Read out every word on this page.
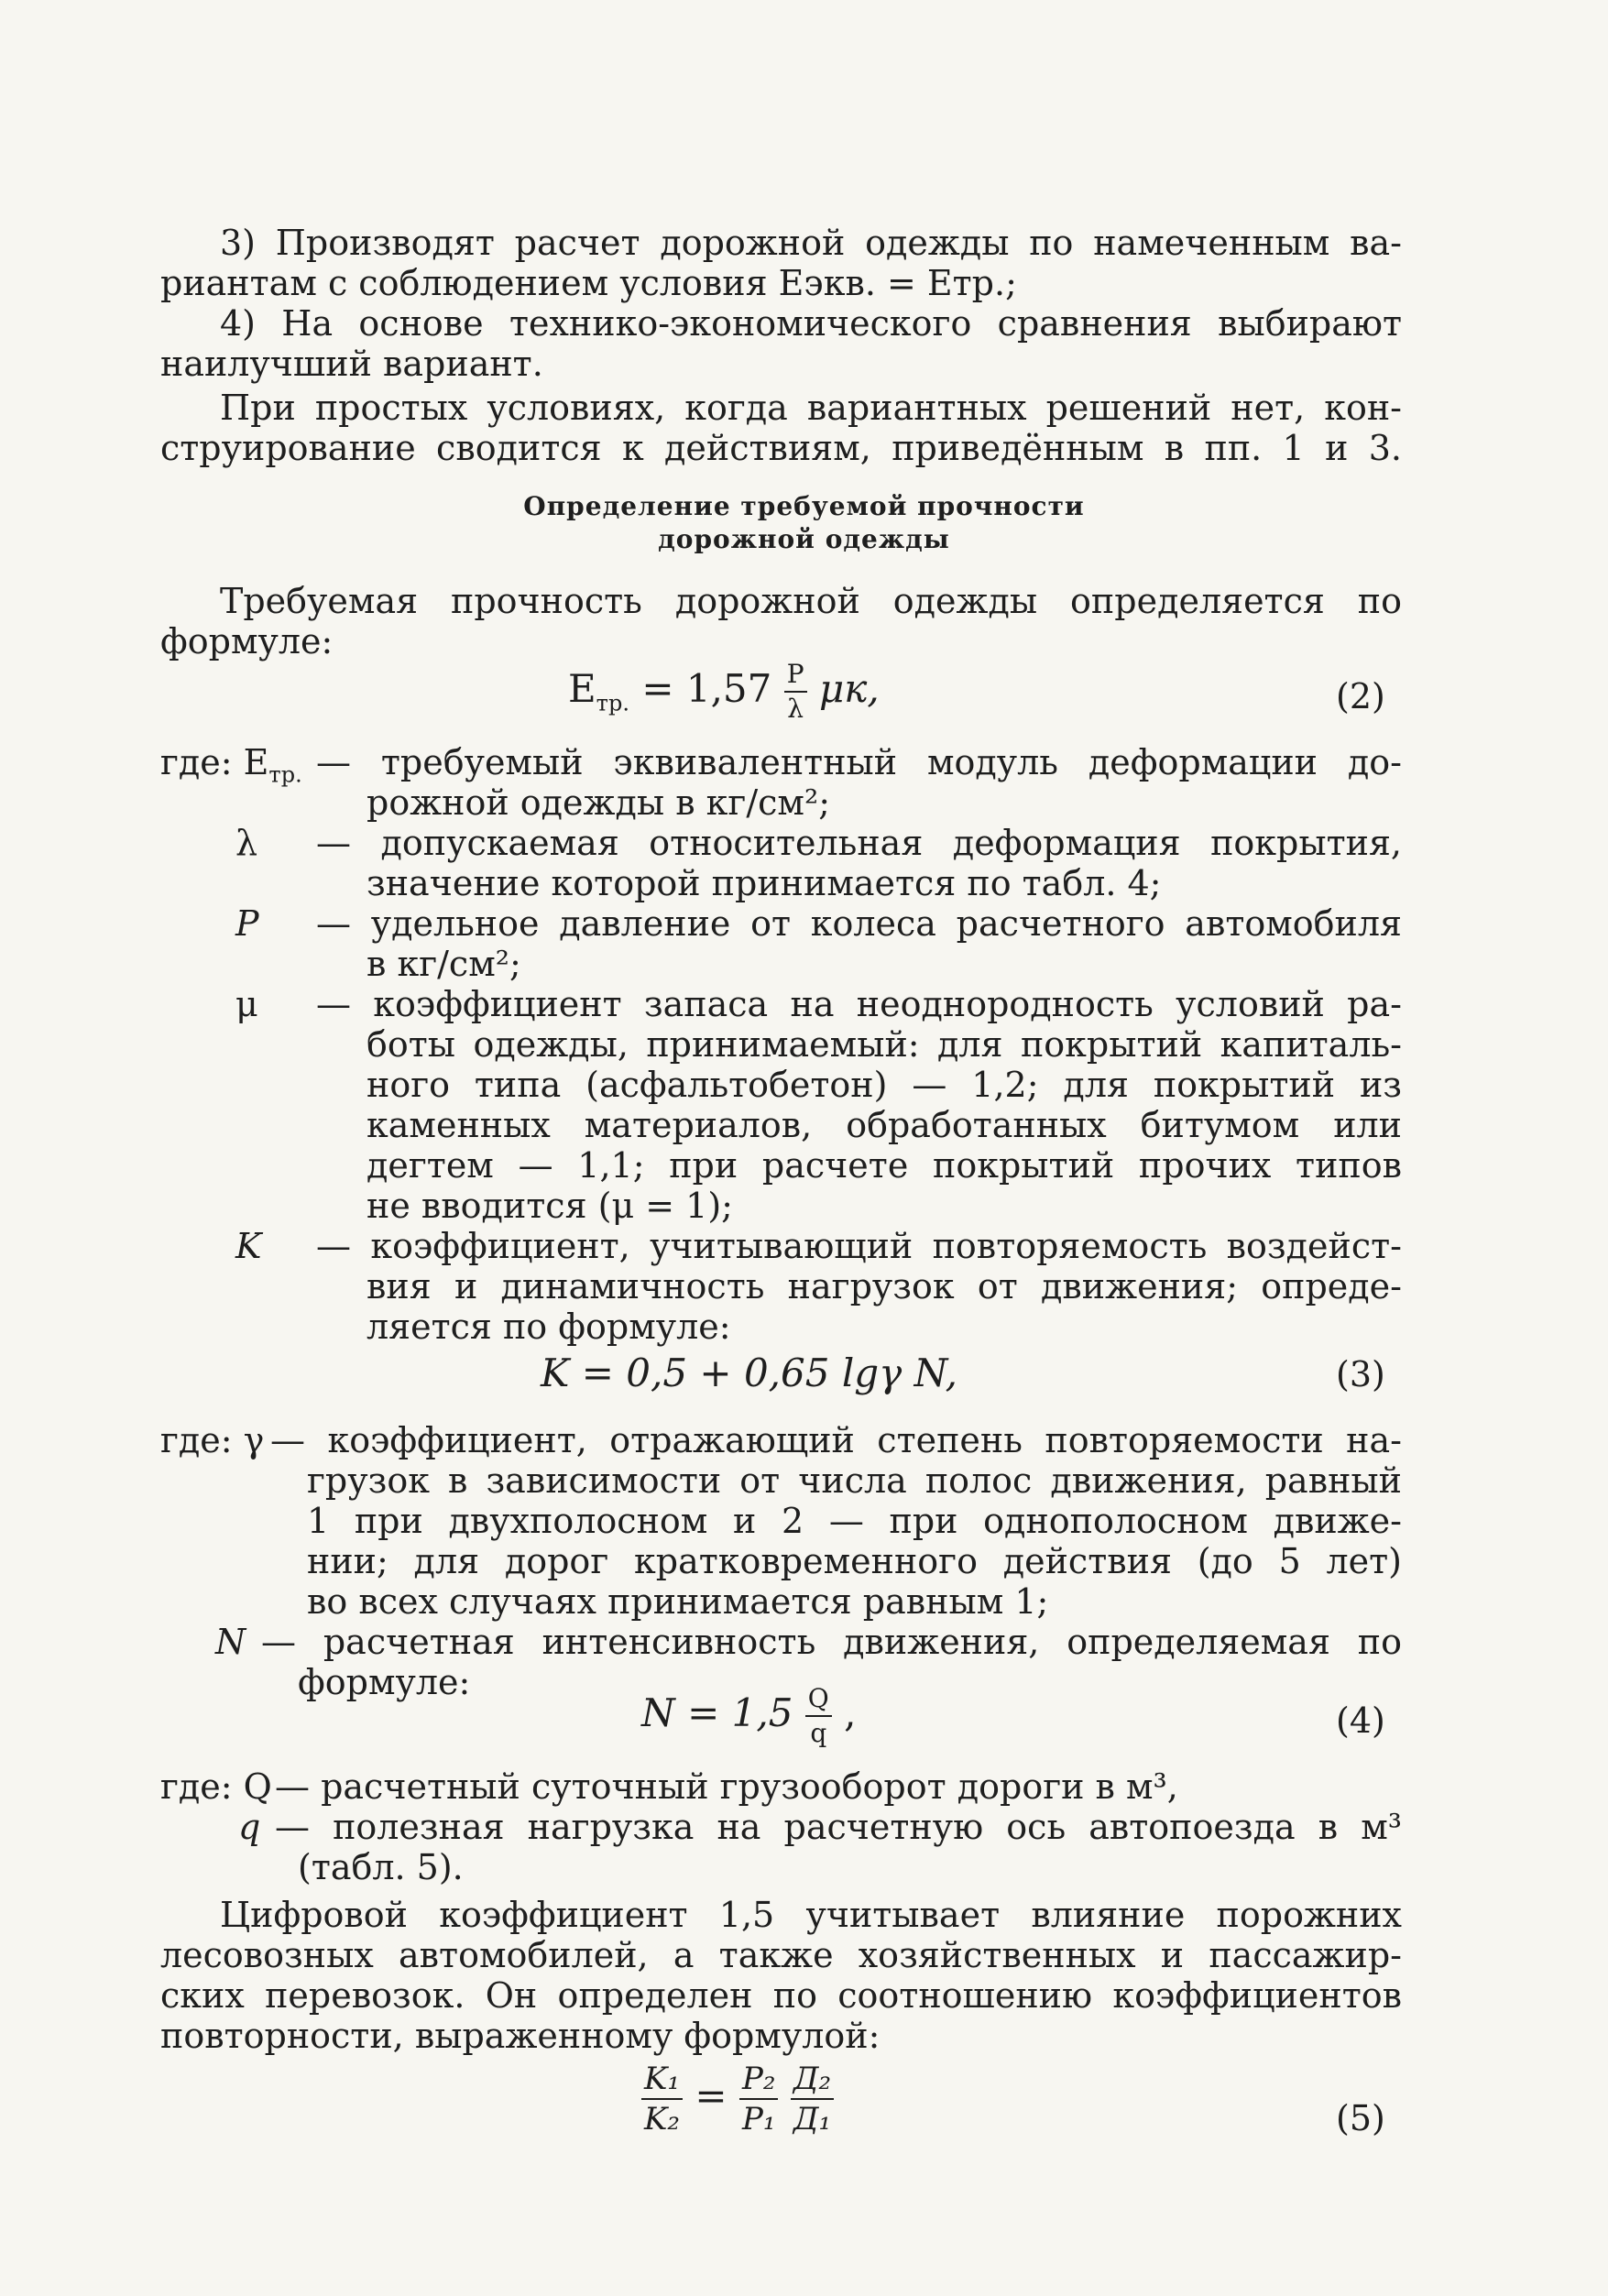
3) Производят расчет дорожной одежды по намеченным ва-
риантам с соблюдением условия Еэкв. = Етр.;
4) На основе технико-экономического сравнения выбирают
наилучший вариант.
При простых условиях, когда вариантных решений нет, кон-
струирование сводится к действиям, приведённым в пп. 1 и 3.
Определение требуемой прочности
дорожной одежды
Требуемая прочность дорожной одежды определяется по
формуле:
$Е_{тр.} = 1,57 \frac{P}{\lambda} \mu к$,	(2)
где: $Е_{тр.}$ — требуемый эквивалентный модуль деформации до-
рожной одежды в кг/см²;
λ — допускаемая относительная деформация покрытия,
значение которой принимается по табл. 4;
P — удельное давление от колеса расчетного автомобиля
в кг/см²;
μ — коэффициент запаса на неоднородность условий ра-
боты одежды, принимаемый: для покрытий капиталь-
ного типа (асфальтобетон) — 1,2; для покрытий из
каменных материалов, обработанных битумом или
дегтем — 1,1; при расчете покрытий прочих типов
не вводится (μ = 1);
K — коэффициент, учитывающий повторяемость воздейст-
вия и динамичность нагрузок от движения; опреде-
ляется по формуле:
K = 0,5 + 0,65 lgγ N,	(3)
где: γ — коэффициент, отражающий степень повторяемости на-
грузок в зависимости от числа полос движения, равный
1 при двухполосном и 2 — при однополосном движе-
нии; для дорог кратковременного действия (до 5 лет)
во всех случаях принимается равным 1;
N — расчетная интенсивность движения, определяемая по
формуле:
$N = 1,5 \frac{Q}{q}$ ,	(4)
где: Q — расчетный суточный грузооборот дороги в м³,
q — полезная нагрузка на расчетную ось автопоезда в м³
(табл. 5).
Цифровой коэффициент 1,5 учитывает влияние порожних
лесовозных автомобилей, а также хозяйственных и пассажир-
ских перевозок. Он определен по соотношению коэффициентов
повторности, выраженному формулой:
$\frac{\text{K₁}}{\text{K₂}} = \frac{\text{P₂}}{\text{P₁}}$
$\frac{\text{Д₂}}{\text{Д₁}}$	(5)
